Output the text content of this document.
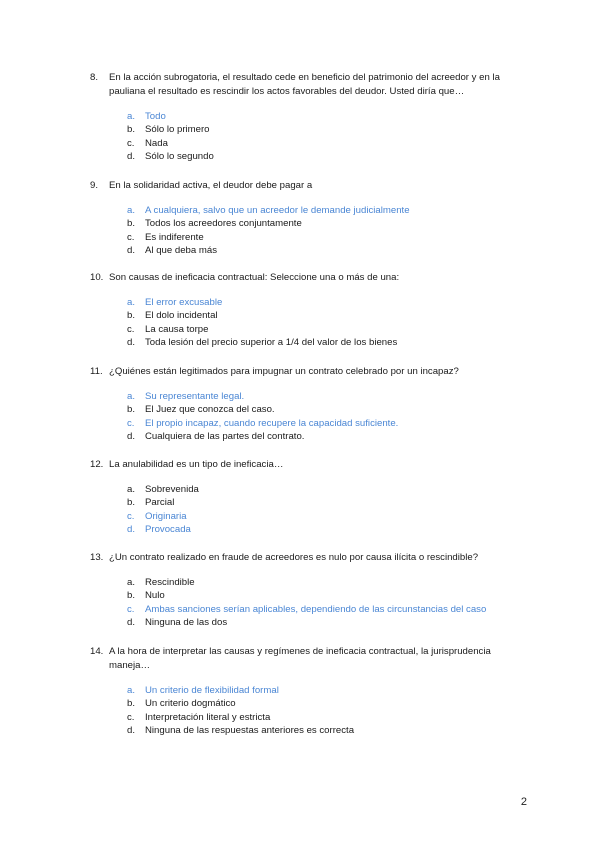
8.	En la acción subrogatoria, el resultado cede en beneficio del patrimonio del acreedor y en la pauliana el resultado es rescindir los actos favorables del deudor. Usted diría que…
a.	Todo
b.	Sólo lo primero
c.	Nada
d.	Sólo lo segundo
9.	En la solidaridad activa, el deudor debe pagar a
a.	A cualquiera, salvo que un acreedor le demande judicialmente
b.	Todos los acreedores conjuntamente
c.	Es indiferente
d.	Al que deba más
10. Son causas de ineficacia contractual: Seleccione una o más de una:
a.	El error excusable
b.	El dolo incidental
c.	La causa torpe
d.	Toda lesión del precio superior a 1/4 del valor de los bienes
11. ¿Quiénes están legitimados para impugnar un contrato celebrado por un incapaz?
a.	Su representante legal.
b.	El Juez que conozca del caso.
c.	El propio incapaz, cuando recupere la capacidad suficiente.
d.	Cualquiera de las partes del contrato.
12. La anulabilidad es un tipo de ineficacia…
a.	Sobrevenida
b.	Parcial
c.	Originaria
d.	Provocada
13. ¿Un contrato realizado en fraude de acreedores es nulo por causa ilícita o rescindible?
a.	Rescindible
b.	Nulo
c.	Ambas sanciones serían aplicables, dependiendo de las circunstancias del caso
d.	Ninguna de las dos
14. A la hora de interpretar las causas y regímenes de ineficacia contractual, la jurisprudencia maneja…
a.	Un criterio de flexibilidad formal
b.	Un criterio dogmático
c.	Interpretación literal y estricta
d.	Ninguna de las respuestas anteriores es correcta
2
